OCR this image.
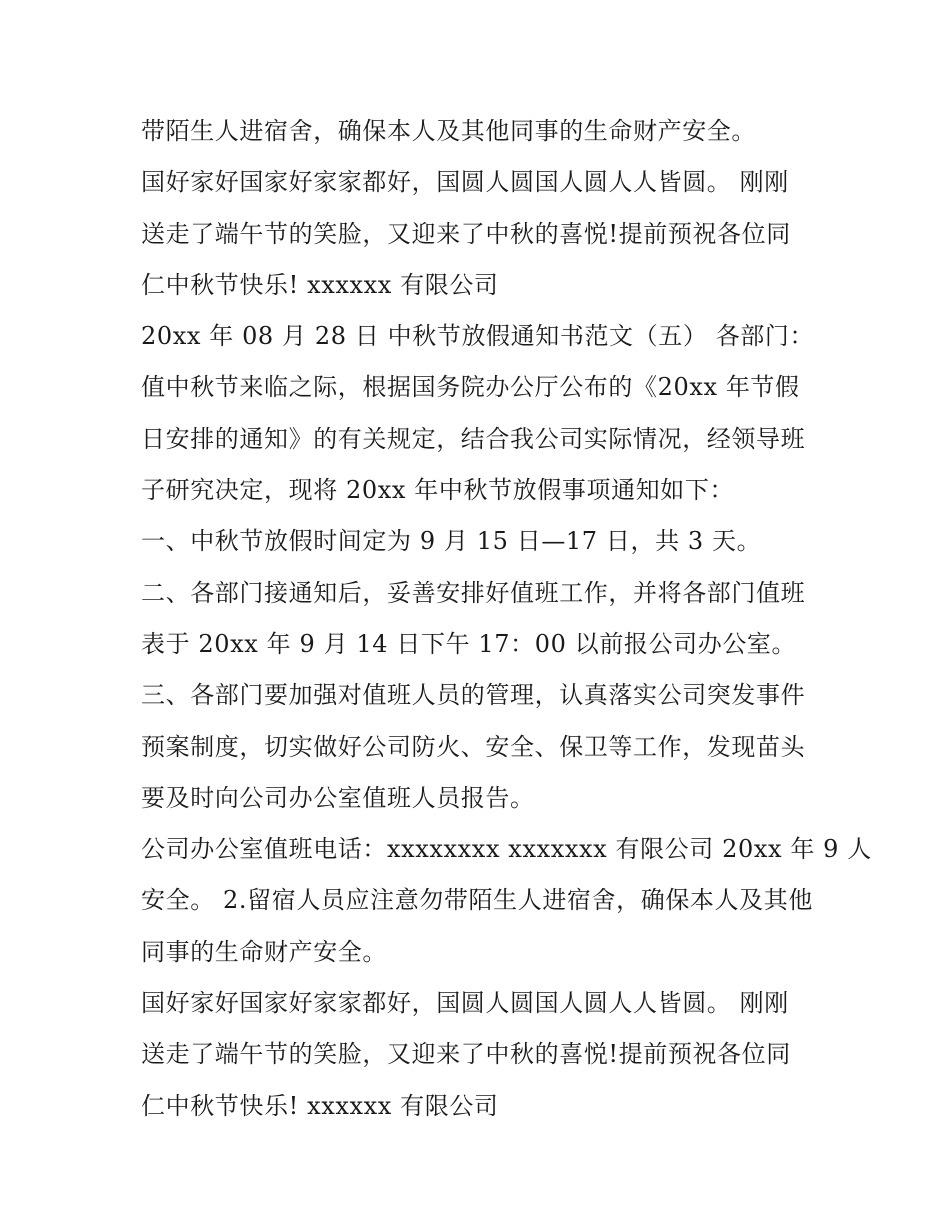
带陌生人进宿舍，确保本人及其他同事的生命财产安全。
国好家好国家好家家都好，国圆人圆国人圆人人皆圆。 刚刚
送走了端午节的笑脸，又迎来了中秋的喜悦!提前预祝各位同
仁中秋节快乐! xxxxxx 有限公司
20xx 年 08 月 28 日 中秋节放假通知书范文（五） 各部门：
值中秋节来临之际，根据国务院办公厅公布的《20xx 年节假
日安排的通知》的有关规定，结合我公司实际情况，经领导班
子研究决定，现将 20xx 年中秋节放假事项通知如下：
一、中秋节放假时间定为 9 月 15 日—17 日，共 3 天。
二、各部门接通知后，妥善安排好值班工作，并将各部门值班
表于 20xx 年 9 月 14 日下午 17：00 以前报公司办公室。
三、各部门要加强对值班人员的管理，认真落实公司突发事件
预案制度，切实做好公司防火、安全、保卫等工作，发现苗头
要及时向公司办公室值班人员报告。
公司办公室值班电话：xxxxxxxx xxxxxxx 有限公司 20xx 年 9 人
安全。 2.留宿人员应注意勿带陌生人进宿舍，确保本人及其他
同事的生命财产安全。
国好家好国家好家家都好，国圆人圆国人圆人人皆圆。 刚刚
送走了端午节的笑脸，又迎来了中秋的喜悦!提前预祝各位同
仁中秋节快乐! xxxxxx 有限公司
